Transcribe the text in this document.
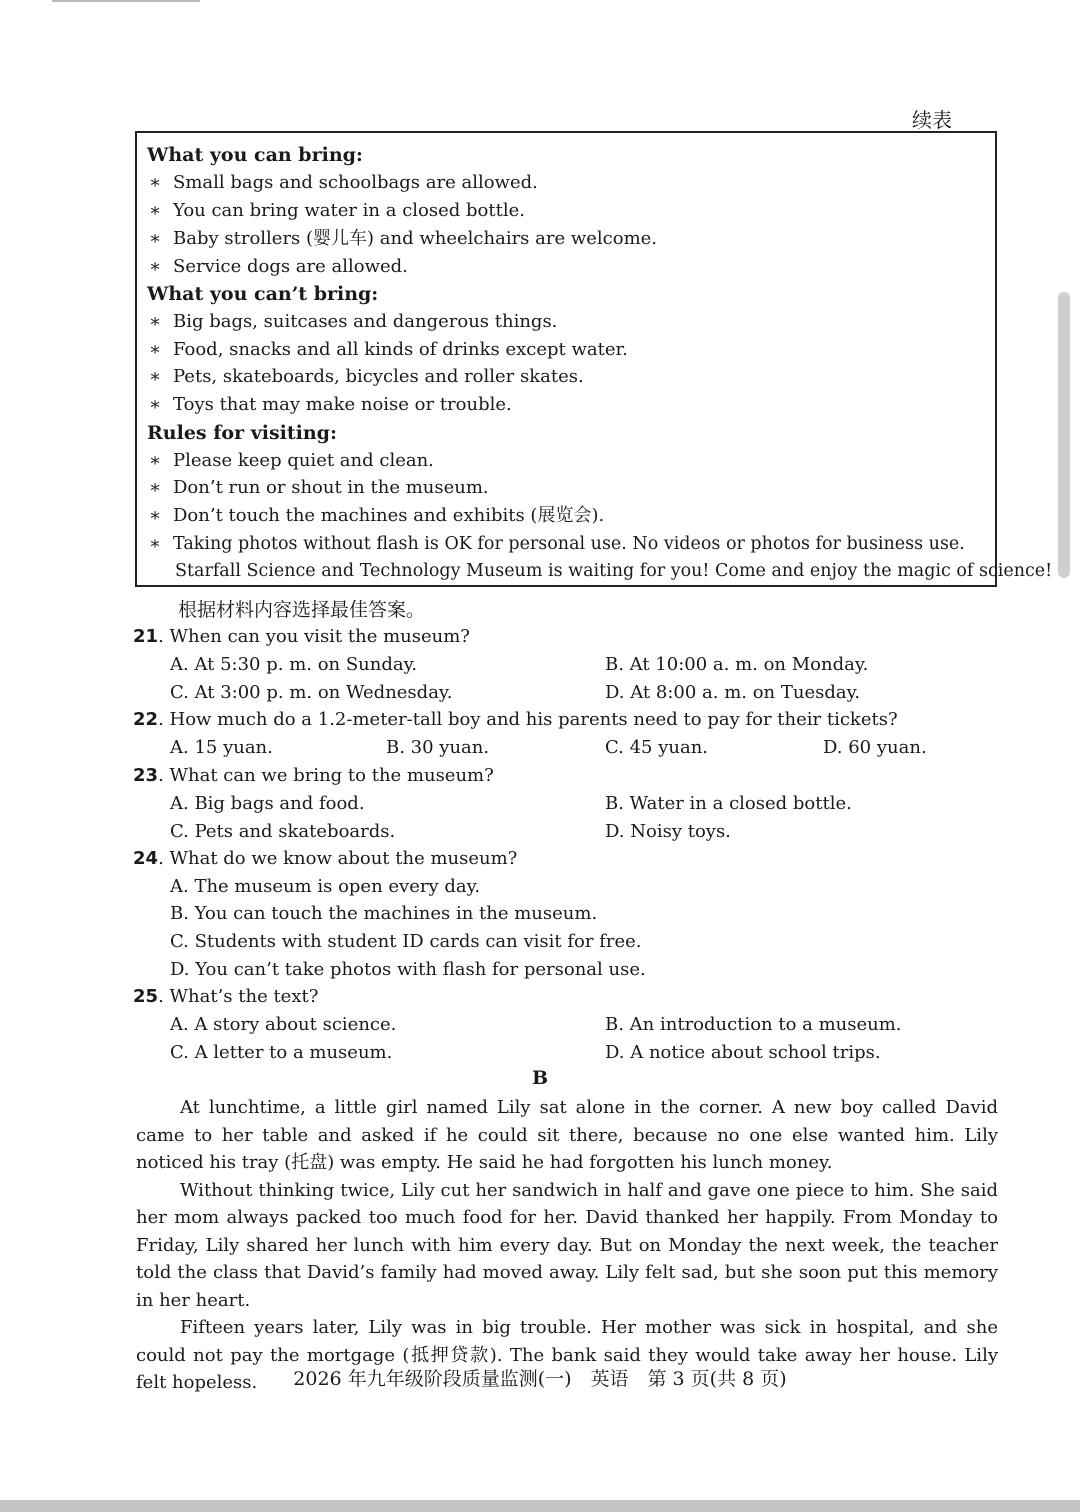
续表
What you can bring:
∗ Small bags and schoolbags are allowed.
∗ You can bring water in a closed bottle.
∗ Baby strollers (婴儿车) and wheelchairs are welcome.
∗ Service dogs are allowed.
What you can’t bring:
∗ Big bags, suitcases and dangerous things.
∗ Food, snacks and all kinds of drinks except water.
∗ Pets, skateboards, bicycles and roller skates.
∗ Toys that may make noise or trouble.
Rules for visiting:
∗ Please keep quiet and clean.
∗ Don’t run or shout in the museum.
∗ Don’t touch the machines and exhibits (展览会).
∗ Taking photos without flash is OK for personal use. No videos or photos for business use.
Starfall Science and Technology Museum is waiting for you! Come and enjoy the magic of science!
根据材料内容选择最佳答案。
21. When can you visit the museum?
A. At 5:30 p. m. on Sunday.	B. At 10:00 a. m. on Monday.
C. At 3:00 p. m. on Wednesday.	D. At 8:00 a. m. on Tuesday.
22. How much do a 1.2-meter-tall boy and his parents need to pay for their tickets?
A. 15 yuan.	B. 30 yuan.	C. 45 yuan.	D. 60 yuan.
23. What can we bring to the museum?
A. Big bags and food.	B. Water in a closed bottle.
C. Pets and skateboards.	D. Noisy toys.
24. What do we know about the museum?
A. The museum is open every day.
B. You can touch the machines in the museum.
C. Students with student ID cards can visit for free.
D. You can’t take photos with flash for personal use.
25. What’s the text?
A. A story about science.	B. An introduction to a museum.
C. A letter to a museum.	D. A notice about school trips.
B

At lunchtime, a little girl named Lily sat alone in the corner. A new boy called David came to her table and asked if he could sit there, because no one else wanted him. Lily noticed his tray (托盘) was empty. He said he had forgotten his lunch money.

Without thinking twice, Lily cut her sandwich in half and gave one piece to him. She said her mom always packed too much food for her. David thanked her happily. From Monday to Friday, Lily shared her lunch with him every day. But on Monday the next week, the teacher told the class that David’s family had moved away. Lily felt sad, but she soon put this memory in her heart.

Fifteen years later, Lily was in big trouble. Her mother was sick in hospital, and she could not pay the mortgage (抵押贷款). The bank said they would take away her house. Lily felt hopeless.	2026 年九年级阶段质量监测(一)　英语　第 3 页(共 8 页)
